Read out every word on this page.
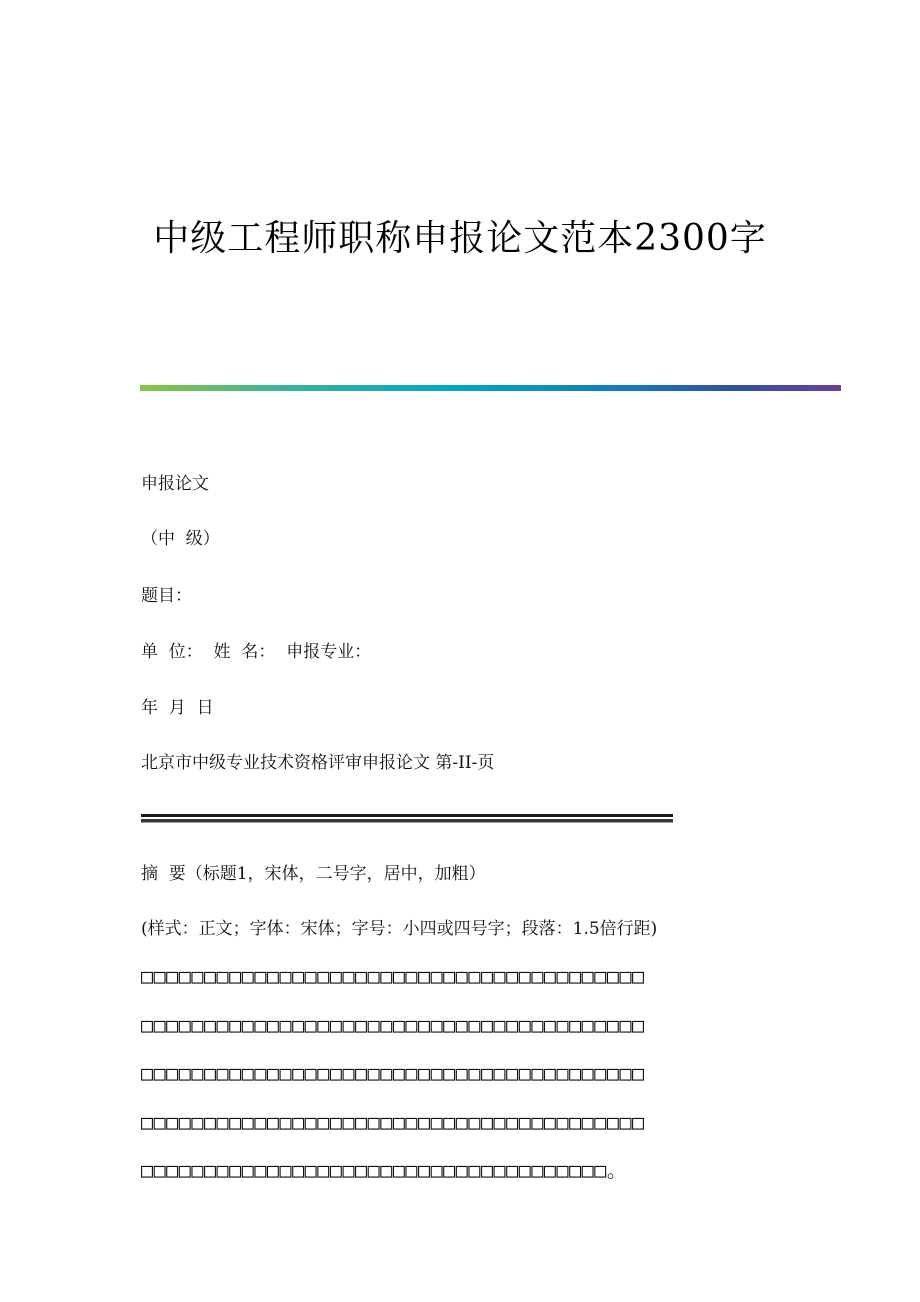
中级工程师职称申报论文范本2300字
申报论文
（中  级）
题目：
单  位：  姓  名：  申报专业：
年  月  日
北京市中级专业技术资格评审申报论文 第-II-页
摘  要（标题1，宋体，二号字，居中，加粗）
(样式：正文；字体：宋体；字号：小四或四号字；段落：1.5倍行距)
□□□□□□□□□□□□□□□□□□□□□□□□□□□□□□□□□□□□□□□□
□□□□□□□□□□□□□□□□□□□□□□□□□□□□□□□□□□□□□□□□
□□□□□□□□□□□□□□□□□□□□□□□□□□□□□□□□□□□□□□□□
□□□□□□□□□□□□□□□□□□□□□□□□□□□□□□□□□□□□□□□□
□□□□□□□□□□□□□□□□□□□□□□□□□□□□□□□□□□□□□。
